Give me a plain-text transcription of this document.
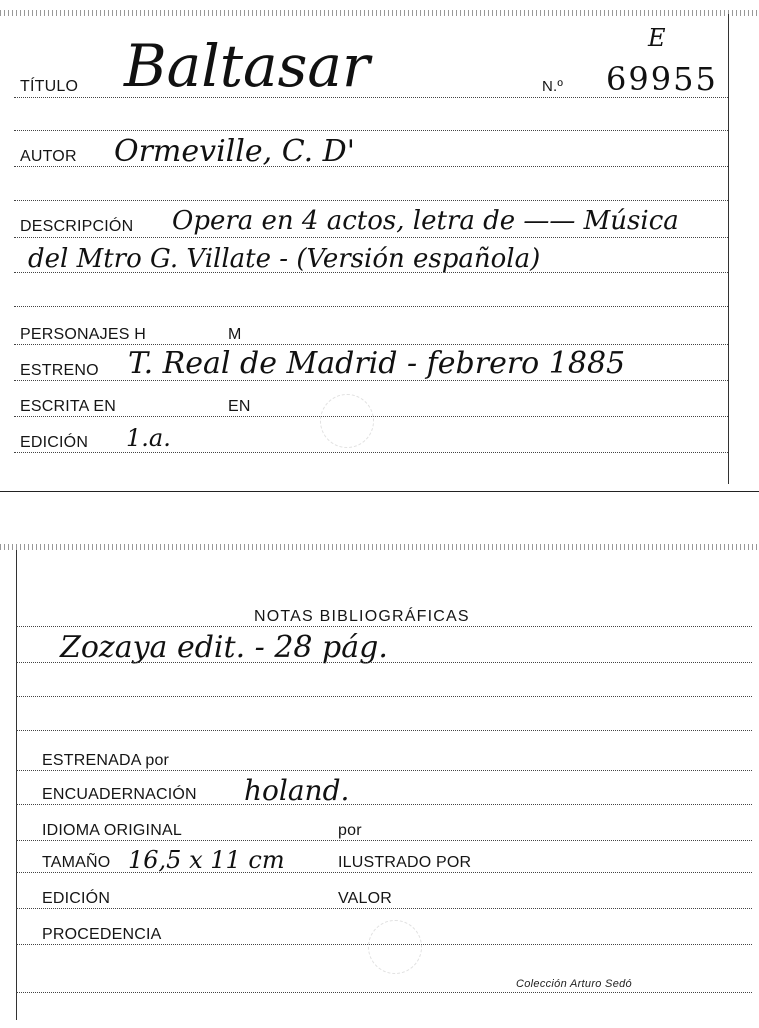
E
TÍTULO Baltasar	N.º 69955
AUTOR Ormeville, C. D'
DESCRIPCIÓN Opera en 4 actos, letra de —— Música
del Mtro G. Villate - (Versión española)
PERSONAJES H	M
ESTRENO T. Real de Madrid - febrero 1885
ESCRITA EN	EN
EDICIÓN 1.a.
NOTAS BIBLIOGRÁFICAS
Zozaya edit. - 28 pág.
ESTRENADA por
ENCUADERNACIÓN holand.
IDIOMA ORIGINAL	por
TAMAÑO 16,5 x 11 cm	ILUSTRADO POR
EDICIÓN	VALOR
PROCEDENCIA
Colección Arturo Sedó
